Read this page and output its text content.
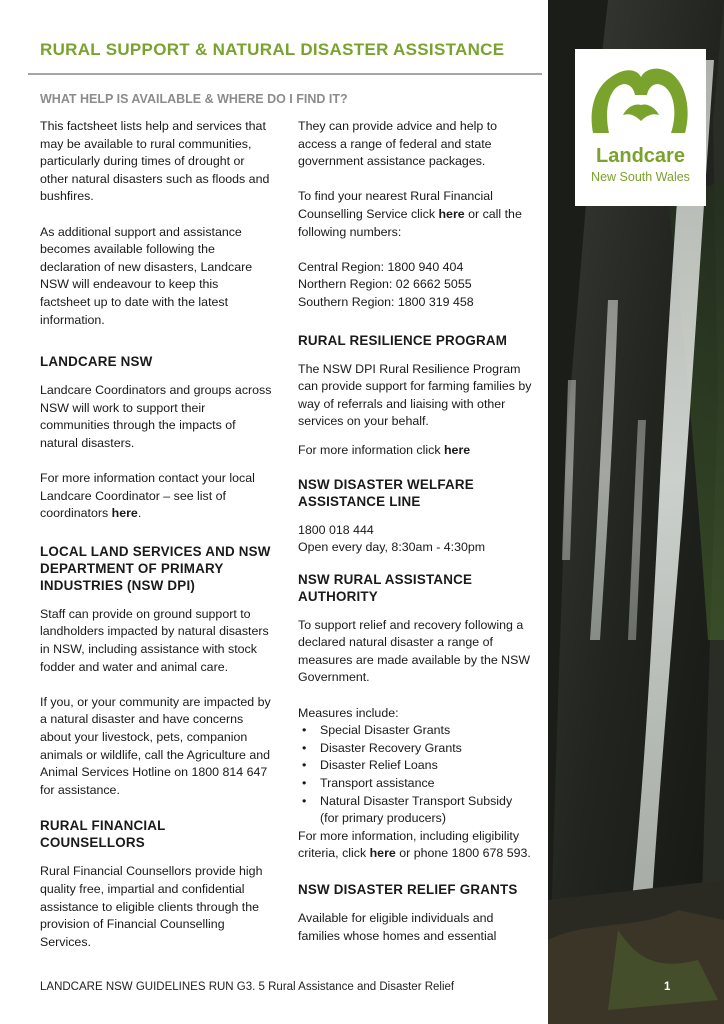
RURAL SUPPORT & NATURAL DISASTER ASSISTANCE
WHAT HELP IS AVAILABLE & WHERE DO I FIND IT?

This factsheet lists help and services that may be available to rural communities, particularly during times of drought or other natural disasters such as floods and bushfires.

As additional support and assistance becomes available following the declaration of new disasters, Landcare NSW will endeavour to keep this factsheet up to date with the latest information.

LANDCARE NSW

Landcare Coordinators and groups across NSW will work to support their communities through the impacts of natural disasters.

For more information contact your local Landcare Coordinator – see list of coordinators here.

LOCAL LAND SERVICES AND NSW DEPARTMENT OF PRIMARY INDUSTRIES (NSW DPI)

Staff can provide on ground support to landholders impacted by natural disasters in NSW, including assistance with stock fodder and water and animal care.

If you, or your community are impacted by a natural disaster and have concerns about your livestock, pets, companion animals or wildlife, call the Agriculture and Animal Services Hotline on 1800 814 647 for assistance.

RURAL FINANCIAL COUNSELLORS

Rural Financial Counsellors provide high quality free, impartial and confidential assistance to eligible clients through the provision of Financial Counselling Services.

They can provide advice and help to access a range of federal and state government assistance packages.

To find your nearest Rural Financial Counselling Service click here or call the following numbers:

Central Region: 1800 940 404
Northern Region: 02 6662 5055
Southern Region: 1800 319 458
RURAL RESILIENCE PROGRAM

The NSW DPI Rural Resilience Program can provide support for farming families by way of referrals and liaising with other services on your behalf.

For more information click here

NSW DISASTER WELFARE ASSISTANCE LINE
1800 018 444
Open every day, 8:30am - 4:30pm
NSW RURAL ASSISTANCE AUTHORITY

To support relief and recovery following a declared natural disaster a range of measures are made available by the NSW Government.

Measures include:
• Special Disaster Grants
• Disaster Recovery Grants
• Disaster Relief Loans
• Transport assistance
• Natural Disaster Transport Subsidy (for primary producers)

For more information, including eligibility criteria, click here or phone 1800 678 593.

NSW DISASTER RELIEF GRANTS

Available for eligible individuals and families whose homes and essential

Landcare
New South Wales
LANDCARE NSW GUIDELINES RUN G3. 5 Rural Assistance and Disaster Relief	1
